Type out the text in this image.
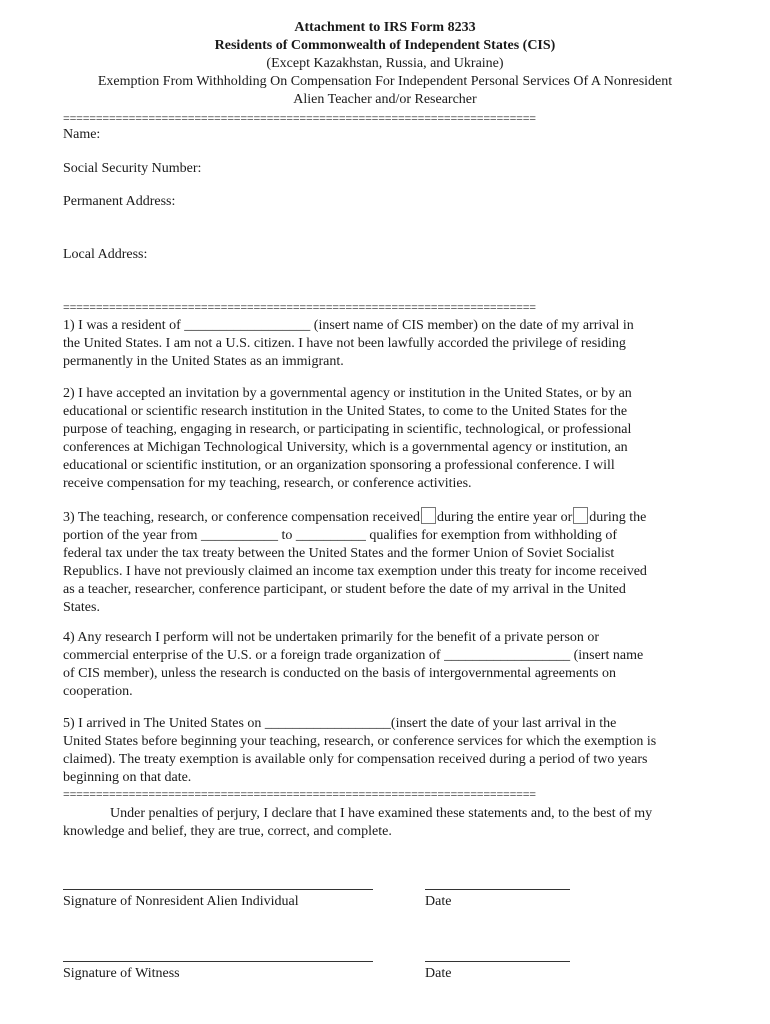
Attachment to IRS Form 8233
Residents of Commonwealth of Independent States (CIS)
(Except Kazakhstan, Russia, and Ukraine)
Exemption From Withholding On Compensation For Independent Personal Services Of A Nonresident
Alien Teacher and/or Researcher
========================================================================
Name:
Social Security Number:
Permanent Address:
Local Address:
========================================================================
1) I was a resident of __________________ (insert name of CIS member) on the date of my arrival in
the United States. I am not a U.S. citizen. I have not been lawfully accorded the privilege of residing
permanently in the United States as an immigrant.
2) I have accepted an invitation by a governmental agency or institution in the United States, or by an
educational or scientific research institution in the United States, to come to the United States for the
purpose of teaching, engaging in research, or participating in scientific, technological, or professional
conferences at Michigan Technological University, which is a governmental agency or institution, an
educational or scientific institution, or an organization sponsoring a professional conference. I will
receive compensation for my teaching, research, or conference activities.
3) The teaching, research, or conference compensation received during the entire year or during the
portion of the year from ___________ to __________ qualifies for exemption from withholding of
federal tax under the tax treaty between the United States and the former Union of Soviet Socialist
Republics. I have not previously claimed an income tax exemption under this treaty for income received
as a teacher, researcher, conference participant, or student before the date of my arrival in the United
States.
4) Any research I perform will not be undertaken primarily for the benefit of a private person or
commercial enterprise of the U.S. or a foreign trade organization of __________________ (insert name
of CIS member), unless the research is conducted on the basis of intergovernmental agreements on
cooperation.
5) I arrived in The United States on __________________(insert the date of your last arrival in the
United States before beginning your teaching, research, or conference services for which the exemption is
claimed). The treaty exemption is available only for compensation received during a period of two years
beginning on that date.
========================================================================
Under penalties of perjury, I declare that I have examined these statements and, to the best of my
knowledge and belief, they are true, correct, and complete.
Signature of Nonresident Alien Individual	Date
Signature of Witness	Date
